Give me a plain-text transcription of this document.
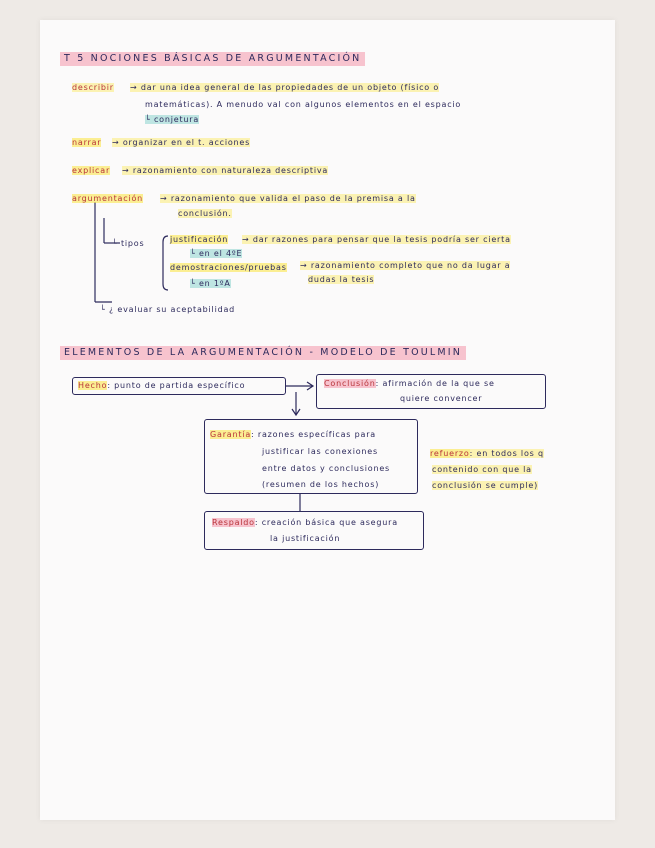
T 5 NOCIONES BÁSICAS DE ARGUMENTACIÓN
describir → dar una idea general de las propiedades de un objeto (físico o
matemáticas). A menudo val con algunos elementos en el espacio
└ conjetura
narrar → organizar en el t. acciones
explicar → razonamiento con naturaleza descriptiva
argumentación → razonamiento que valida el paso de la premisa a la
conclusión.
└ tipos	justificación → dar razones para pensar que la tesis podría ser cierta
└ en el 4ºE
demostraciones/pruebas → razonamiento completo que no da lugar a
dudas la tesis
└ en 1ºA
└ ¿ evaluar su aceptabilidad
ELEMENTOS DE LA ARGUMENTACIÓN - MODELO DE TOULMIN
Hecho: punto de partida específico	Conclusión: afirmación de la que se
quiere convencer
Garantía: razones específicas para
justificar las conexiones
entre datos y conclusiones
(resumen de los hechos)
refuerzo: en todos los q
contenido con que la
conclusión se cumple)
Respaldo: creación básica que asegura
la justificación
